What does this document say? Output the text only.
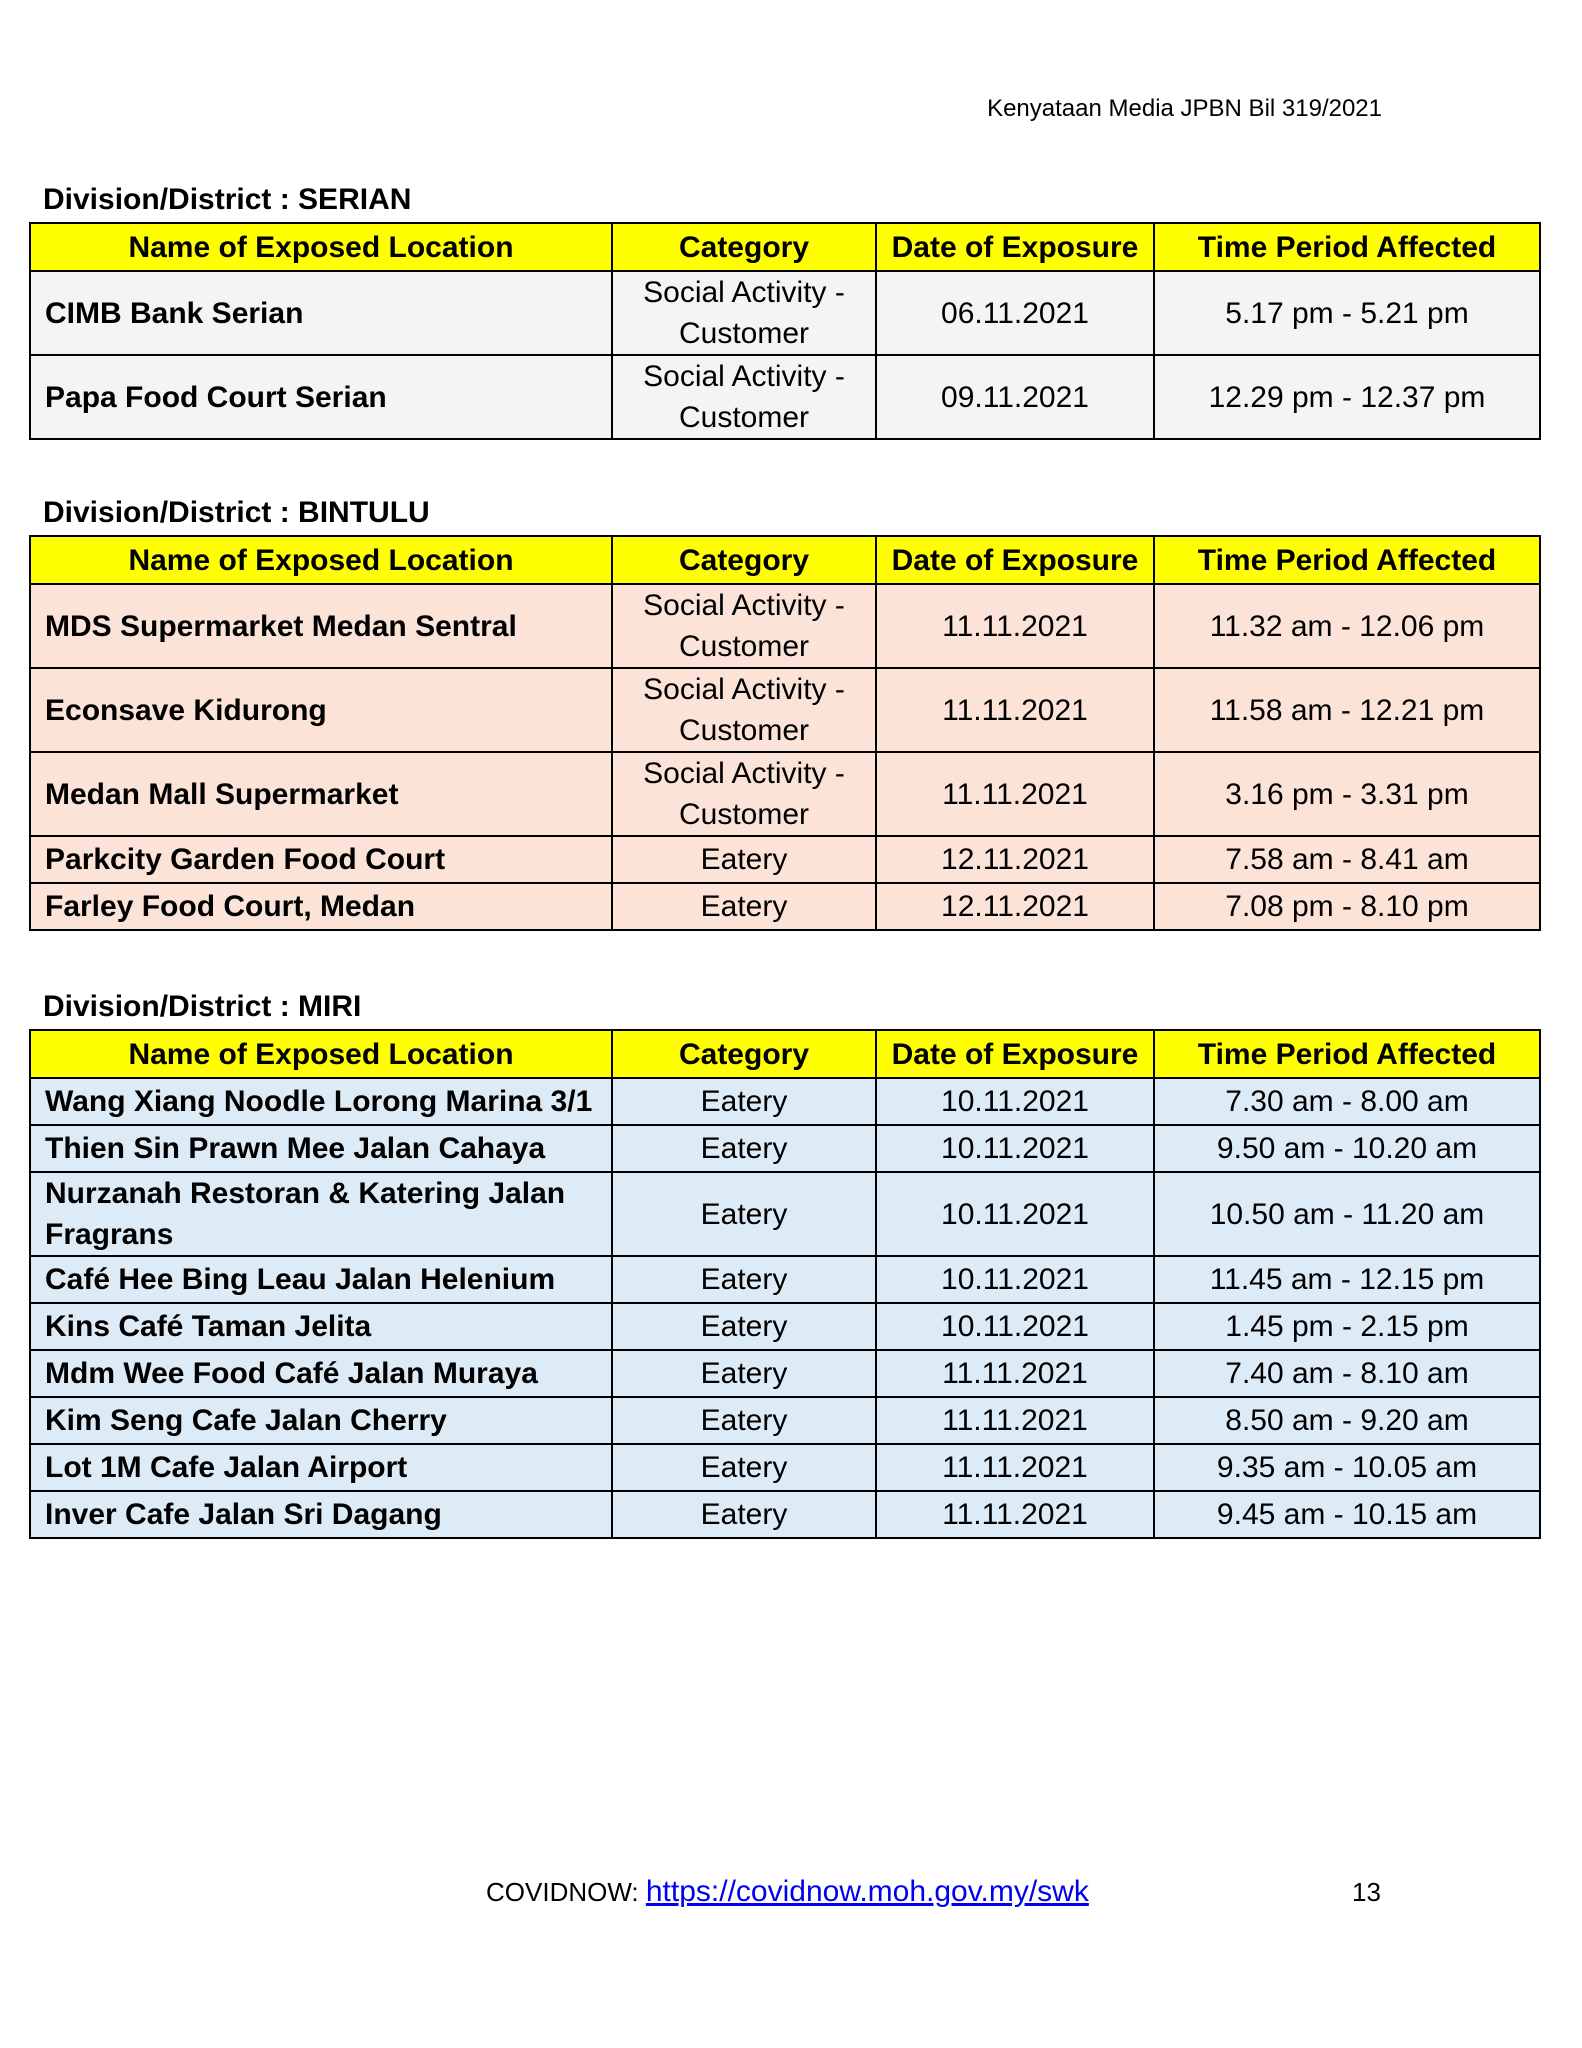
Kenyataan Media JPBN Bil 319/2021
Division/District : SERIAN
Name of Exposed Location	Category	Date of Exposure	Time Period Affected
CIMB Bank Serian	Social Activity -
Customer	06.11.2021	5.17 pm - 5.21 pm
Papa Food Court Serian	Social Activity -
Customer	09.11.2021	12.29 pm - 12.37 pm
Division/District : BINTULU
Name of Exposed Location	Category	Date of Exposure	Time Period Affected
MDS Supermarket Medan Sentral	Social Activity -
Customer	11.11.2021	11.32 am - 12.06 pm
Econsave Kidurong	Social Activity -
Customer	11.11.2021	11.58 am - 12.21 pm
Medan Mall Supermarket	Social Activity -
Customer	11.11.2021	3.16 pm - 3.31 pm
Parkcity Garden Food Court	Eatery	12.11.2021	7.58 am - 8.41 am
Farley Food Court, Medan	Eatery	12.11.2021	7.08 pm - 8.10 pm
Division/District : MIRI
Name of Exposed Location	Category	Date of Exposure	Time Period Affected
Wang Xiang Noodle Lorong Marina 3/1	Eatery	10.11.2021	7.30 am - 8.00 am
Thien Sin Prawn Mee Jalan Cahaya	Eatery	10.11.2021	9.50 am - 10.20 am
Nurzanah Restoran & Katering Jalan
Fragrans	Eatery	10.11.2021	10.50 am - 11.20 am
Café Hee Bing Leau Jalan Helenium	Eatery	10.11.2021	11.45 am - 12.15 pm
Kins Café Taman Jelita	Eatery	10.11.2021	1.45 pm - 2.15 pm
Mdm Wee Food Café Jalan Muraya	Eatery	11.11.2021	7.40 am - 8.10 am
Kim Seng Cafe Jalan Cherry	Eatery	11.11.2021	8.50 am - 9.20 am
Lot 1M Cafe Jalan Airport	Eatery	11.11.2021	9.35 am - 10.05 am
Inver Cafe Jalan Sri Dagang	Eatery	11.11.2021	9.45 am - 10.15 am
COVIDNOW: https://covidnow.moh.gov.my/swk	13
